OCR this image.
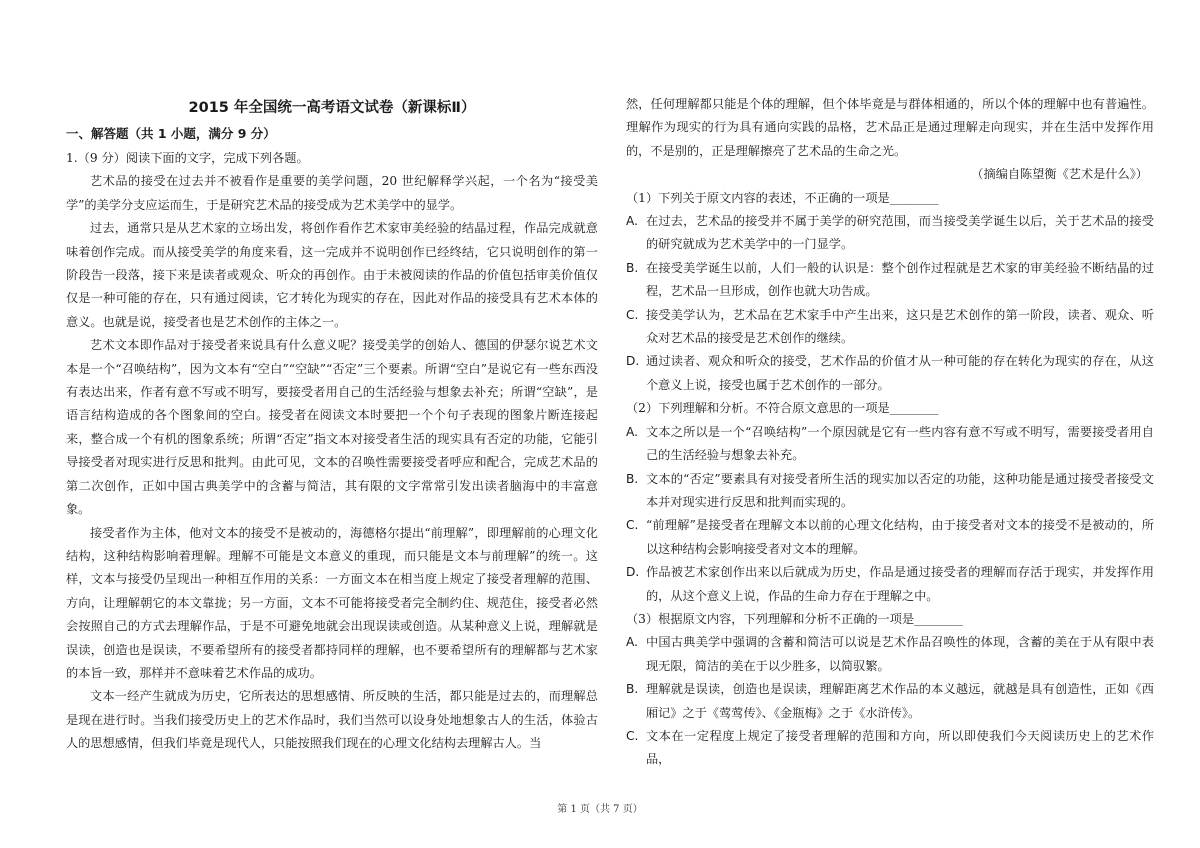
2015 年全国统一高考语文试卷（新课标Ⅱ）
一、解答题（共 1 小题，满分 9 分）

1.（9 分）阅读下面的文字，完成下列各题。

艺术品的接受在过去并不被看作是重要的美学问题，20 世纪解释学兴起，一个名为“接受美学”的美学分支应运而生，于是研究艺术品的接受成为艺术美学中的显学。

过去，通常只是从艺术家的立场出发，将创作看作艺术家审美经验的结晶过程，作品完成就意味着创作完成。而从接受美学的角度来看，这一完成并不说明创作已经终结，它只说明创作的第一阶段告一段落，接下来是读者或观众、听众的再创作。由于未被阅读的作品的价值包括审美价值仅仅是一种可能的存在，只有通过阅读，它才转化为现实的存在，因此对作品的接受具有艺术本体的意义。也就是说，接受者也是艺术创作的主体之一。

艺术文本即作品对于接受者来说具有什么意义呢？接受美学的创始人、德国的伊瑟尔说艺术文本是一个“召唤结构”，因为文本有“空白”“空缺”“否定”三个要素。所谓“空白”是说它有一些东西没有表达出来，作者有意不写或不明写，要接受者用自己的生活经验与想象去补充；所谓“空缺”，是语言结构造成的各个图象间的空白。接受者在阅读文本时要把一个个句子表现的图象片断连接起来，整合成一个有机的图象系统；所谓“否定”指文本对接受者生活的现实具有否定的功能，它能引导接受者对现实进行反思和批判。由此可见，文本的召唤性需要接受者呼应和配合，完成艺术品的第二次创作，正如中国古典美学中的含蓄与简洁，其有限的文字常常引发出读者脑海中的丰富意象。

接受者作为主体，他对文本的接受不是被动的，海德格尔提出“前理解”，即理解前的心理文化结构，这种结构影响着理解。理解不可能是文本意义的重现，而只能是文本与前理解”的统一。这样，文本与接受仍呈现出一种相互作用的关系：一方面文本在相当度上规定了接受者理解的范围、方向，让理解朝它的本文靠拢；另一方面，文本不可能将接受者完全制约住、规范住，接受者必然会按照自己的方式去理解作品，于是不可避免地就会出现误读或创造。从某种意义上说，理解就是误读，创造也是误读，不要希望所有的接受者都持同样的理解，也不要希望所有的理解都与艺术家的本旨一致，那样并不意味着艺术作品的成功。

文本一经产生就成为历史，它所表达的思想感情、所反映的生活，都只能是过去的，而理解总是现在进行时。当我们接受历史上的艺术作品时，我们当然可以设身处地想象古人的生活，体验古人的思想感情，但我们毕竟是现代人，只能按照我们现在的心理文化结构去理解古人。当

然，任何理解都只能是个体的理解，但个体毕竟是与群体相通的，所以个体的理解中也有普遍性。理解作为现实的行为具有通向实践的品格，艺术品正是通过理解走向现实，并在生活中发挥作用的，不是别的，正是理解擦亮了艺术品的生命之光。

（摘编自陈望衡《艺术是什么》）

（1）下列关于原文内容的表述，不正确的一项是________

A. 在过去，艺术品的接受并不属于美学的研究范围，而当接受美学诞生以后，关于艺术品的接受的研究就成为艺术美学中的一门显学。
B. 在接受美学诞生以前，人们一般的认识是：整个创作过程就是艺术家的审美经验不断结晶的过程，艺术品一旦形成，创作也就大功告成。
C. 接受美学认为，艺术品在艺术家手中产生出来，这只是艺术创作的第一阶段，读者、观众、听众对艺术品的接受是艺术创作的继续。
D. 通过读者、观众和听众的接受，艺术作品的价值才从一种可能的存在转化为现实的存在，从这个意义上说，接受也属于艺术创作的一部分。

（2）下列理解和分析。不符合原文意思的一项是________

A. 文本之所以是一个“召唤结构”一个原因就是它有一些内容有意不写或不明写，需要接受者用自己的生活经验与想象去补充。
B. 文本的“否定”要素具有对接受者所生活的现实加以否定的功能，这种功能是通过接受者接受文本并对现实进行反思和批判而实现的。
C. “前理解”是接受者在理解文本以前的心理文化结构，由于接受者对文本的接受不是被动的，所以这种结构会影响接受者对文本的理解。
D. 作品被艺术家创作出来以后就成为历史，作品是通过接受者的理解而存活于现实，并发挥作用的，从这个意义上说，作品的生命力存在于理解之中。

（3）根据原文内容，下列理解和分析不正确的一项是________

A. 中国古典美学中强调的含蓄和简洁可以说是艺术作品召唤性的体现，含蓄的美在于从有限中表现无限，简洁的美在于以少胜多，以简驭繁。
B. 理解就是误读，创造也是误读，理解距离艺术作品的本义越远，就越是具有创造性，正如《西厢记》之于《莺莺传》、《金瓶梅》之于《水浒传》。
C. 文本在一定程度上规定了接受者理解的范围和方向，所以即使我们今天阅读历史上的艺术作品，
第 1 页（共 7 页）
